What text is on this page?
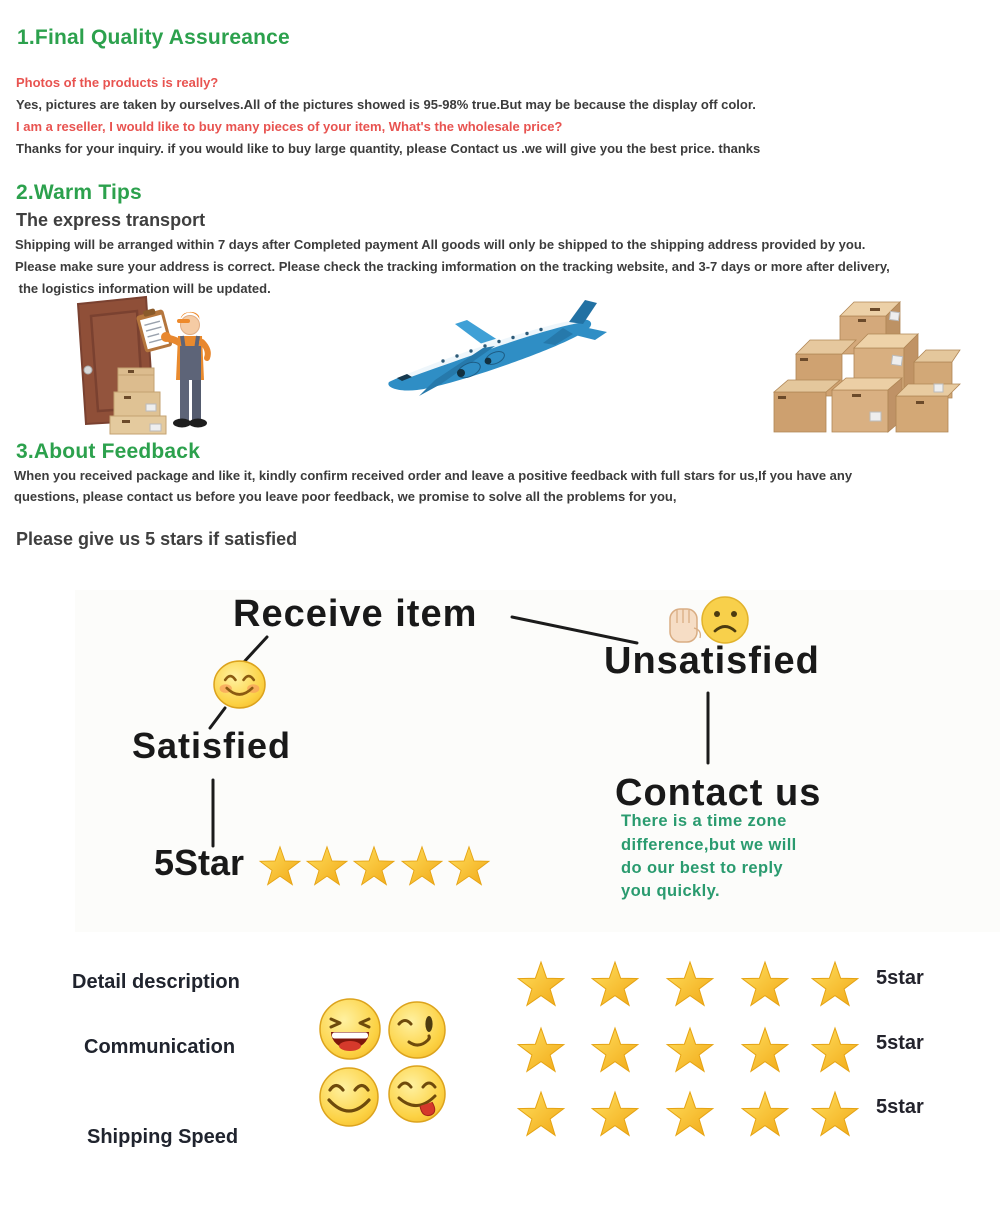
1.Final Quality Assureance
Photos of the products is really?
Yes, pictures are taken by ourselves.All of the pictures showed is 95-98% true.But may be because the display off color.
I am a reseller, I would like to buy many pieces of your item, What's the wholesale price?
Thanks for your inquiry. if you would like to buy large quantity, please Contact us .we will give you the best price. thanks
2.Warm Tips
The express transport
Shipping will be arranged within 7 days after Completed payment All goods will only be shipped to the shipping address provided by you.
Please make sure your address is correct. Please check the tracking imformation on the tracking website, and 3-7 days or more after delivery,
the logistics information will be updated.
3.About Feedback
When you received package and like it, kindly confirm received order and leave a positive feedback with full stars for us,If you have any
questions, please contact us before you leave poor feedback, we promise to solve all the problems for you,
Please give us 5 stars if satisfied
Receive item
Satisfied
Unsatisfied
Contact us
There is a time zone
difference,but we will
do our best to reply
you quickly.
5Star
Detail description
Communication
Shipping Speed
5star
5star
5star
